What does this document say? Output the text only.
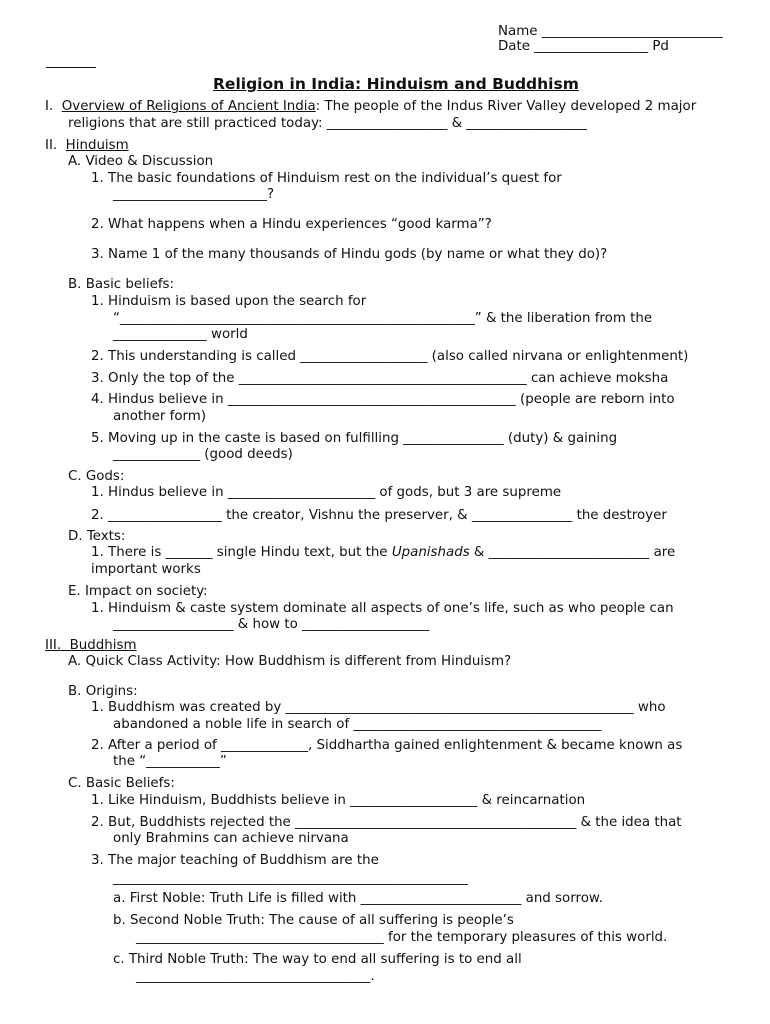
Name ___________________________
Date _________________ Pd
Religion in India: Hinduism and Buddhism
I. Overview of Religions of Ancient India: The people of the Indus River Valley developed 2 major
religions that are still practiced today: __________________ & __________________
II. Hinduism
A. Video & Discussion
1. The basic foundations of Hinduism rest on the individual’s quest for
_______________________?
2. What happens when a Hindu experiences “good karma”?
3. Name 1 of the many thousands of Hindu gods (by name or what they do)?
B. Basic beliefs:
1. Hinduism is based upon the search for
“_____________________________________________________” & the liberation from the
______________ world
2. This understanding is called ___________________ (also called nirvana or enlightenment)
3. Only the top of the ___________________________________________ can achieve moksha
4. Hindus believe in ___________________________________________ (people are reborn into
another form)
5. Moving up in the caste is based on fulfilling _______________ (duty) & gaining
_____________ (good deeds)
C. Gods:
1. Hindus believe in ______________________ of gods, but 3 are supreme
2. _________________ the creator, Vishnu the preserver, & _______________ the destroyer
D. Texts:
1. There is _______ single Hindu text, but the Upanishads & ________________________ are
important works
E. Impact on society:
1. Hinduism & caste system dominate all aspects of one’s life, such as who people can
__________________ & how to ___________________
III. Buddhism
A. Quick Class Activity: How Buddhism is different from Hinduism?
B. Origins:
1. Buddhism was created by ____________________________________________________ who
abandoned a noble life in search of _____________________________________
2. After a period of _____________, Siddhartha gained enlightenment & became known as
the “___________”
C. Basic Beliefs:
1. Like Hinduism, Buddhists believe in ___________________ & reincarnation
2. But, Buddhists rejected the __________________________________________ & the idea that
only Brahmins can achieve nirvana
3. The major teaching of Buddhism are the
_____________________________________________________
a. First Noble: Truth Life is filled with ________________________ and sorrow.
b. Second Noble Truth: The cause of all suffering is people’s
_____________________________________ for the temporary pleasures of this world.
c. Third Noble Truth: The way to end all suffering is to end all
___________________________________.
